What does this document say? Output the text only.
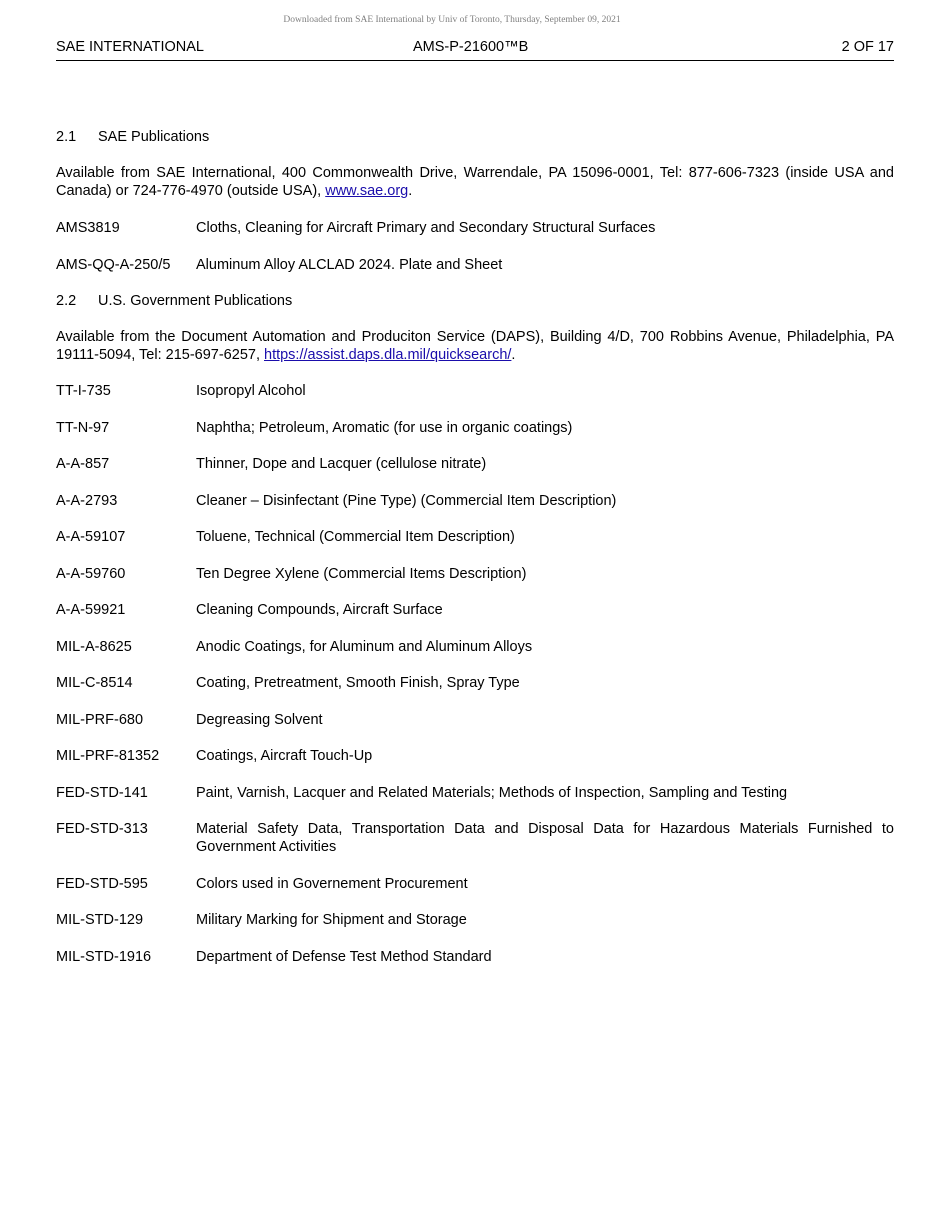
Downloaded from SAE International by Univ of Toronto, Thursday, September 09, 2021
SAE INTERNATIONAL	AMS-P-21600™B	2 OF 17
2.1 SAE Publications

Available from SAE International, 400 Commonwealth Drive, Warrendale, PA 15096-0001, Tel: 877-606-7323 (inside USA and Canada) or 724-776-4970 (outside USA), www.sae.org.

AMS3819	Cloths, Cleaning for Aircraft Primary and Secondary Structural Surfaces
AMS-QQ-A-250/5	Aluminum Alloy ALCLAD 2024. Plate and Sheet
2.2 U.S. Government Publications

Available from the Document Automation and Produciton Service (DAPS), Building 4/D, 700 Robbins Avenue, Philadelphia, PA 19111-5094, Tel: 215-697-6257, https://assist.daps.dla.mil/quicksearch/.

TT-I-735	Isopropyl Alcohol
TT-N-97	Naphtha; Petroleum, Aromatic (for use in organic coatings)
A-A-857	Thinner, Dope and Lacquer (cellulose nitrate)
A-A-2793	Cleaner – Disinfectant (Pine Type) (Commercial Item Description)
A-A-59107	Toluene, Technical (Commercial Item Description)
A-A-59760	Ten Degree Xylene (Commercial Items Description)
A-A-59921	Cleaning Compounds, Aircraft Surface
MIL-A-8625	Anodic Coatings, for Aluminum and Aluminum Alloys
MIL-C-8514	Coating, Pretreatment, Smooth Finish, Spray Type
MIL-PRF-680	Degreasing Solvent
MIL-PRF-81352	Coatings, Aircraft Touch-Up
FED-STD-141	Paint, Varnish, Lacquer and Related Materials; Methods of Inspection, Sampling and Testing
FED-STD-313	Material Safety Data, Transportation Data and Disposal Data for Hazardous Materials Furnished to Government Activities
FED-STD-595	Colors used in Governement Procurement
MIL-STD-129	Military Marking for Shipment and Storage
MIL-STD-1916	Department of Defense Test Method Standard
